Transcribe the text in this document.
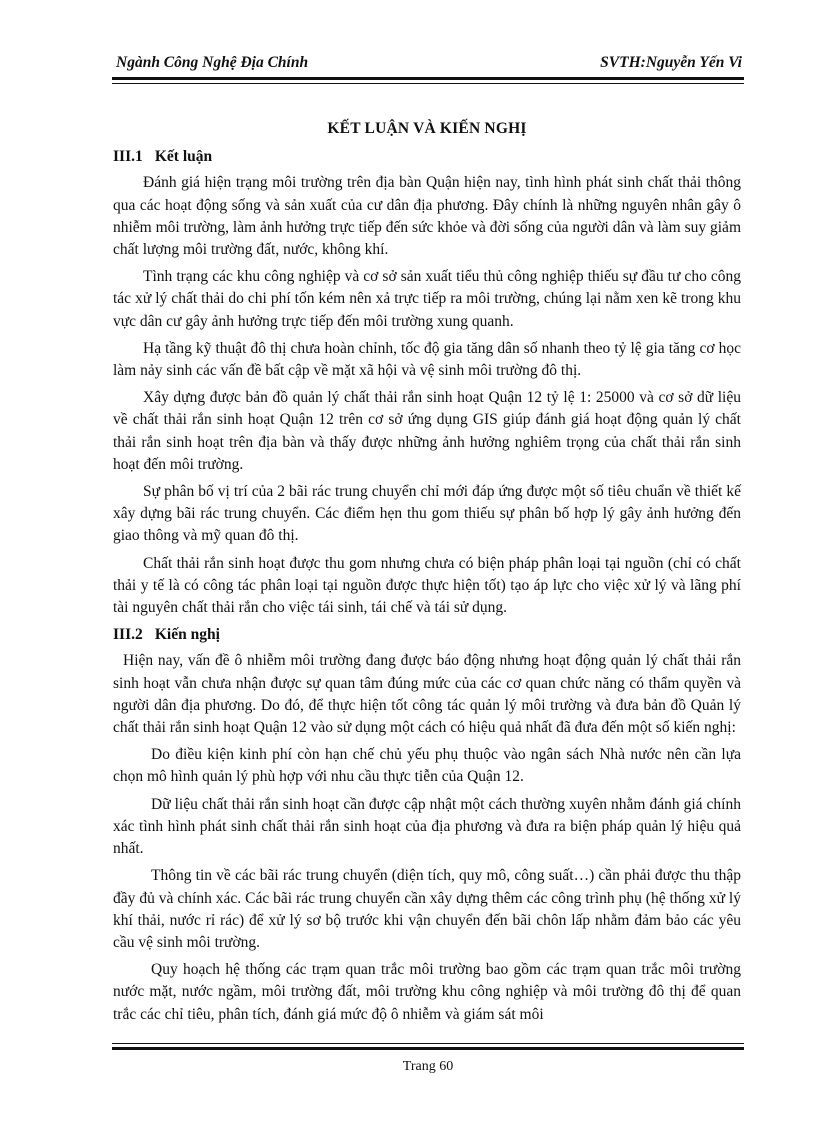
Ngành Công Nghệ Địa Chính	SVTH:Nguyễn Yến Vi
KẾT LUẬN VÀ KIẾN NGHỊ
III.1 Kết luận

Đánh giá hiện trạng môi trường trên địa bàn Quận hiện nay, tình hình phát sinh chất thải thông qua các hoạt động sống và sản xuất của cư dân địa phương. Đây chính là những nguyên nhân gây ô nhiễm môi trường, làm ảnh hưởng trực tiếp đến sức khỏe và đời sống của người dân và làm suy giảm chất lượng môi trường đất, nước, không khí.

Tình trạng các khu công nghiệp và cơ sở sản xuất tiểu thủ công nghiệp thiếu sự đầu tư cho công tác xử lý chất thải do chi phí tốn kém nên xả trực tiếp ra môi trường, chúng lại nằm xen kẽ trong khu vực dân cư gây ảnh hưởng trực tiếp đến môi trường xung quanh.

Hạ tầng kỹ thuật đô thị chưa hoàn chỉnh, tốc độ gia tăng dân số nhanh theo tỷ lệ gia tăng cơ học làm nảy sinh các vấn đề bất cập về mặt xã hội và vệ sinh môi trường đô thị.

Xây dựng được bản đồ quản lý chất thải rắn sinh hoạt Quận 12 tỷ lệ 1: 25000 và cơ sở dữ liệu về chất thải rắn sinh hoạt Quận 12 trên cơ sở ứng dụng GIS giúp đánh giá hoạt động quản lý chất thải rắn sinh hoạt trên địa bàn và thấy được những ảnh hưởng nghiêm trọng của chất thải rắn sinh hoạt đến môi trường.

Sự phân bố vị trí của 2 bãi rác trung chuyển chỉ mới đáp ứng được một số tiêu chuẩn về thiết kế xây dựng bãi rác trung chuyển. Các điểm hẹn thu gom thiếu sự phân bố hợp lý gây ảnh hưởng đến giao thông và mỹ quan đô thị.

Chất thải rắn sinh hoạt được thu gom nhưng chưa có biện pháp phân loại tại nguồn (chỉ có chất thải y tế là có công tác phân loại tại nguồn được thực hiện tốt) tạo áp lực cho việc xử lý và lãng phí tài nguyên chất thải rắn cho việc tái sinh, tái chế và tái sử dụng.

III.2 Kiến nghị

Hiện nay, vấn đề ô nhiễm môi trường đang được báo động nhưng hoạt động quản lý chất thải rắn sinh hoạt vẫn chưa nhận được sự quan tâm đúng mức của các cơ quan chức năng có thẩm quyền và người dân địa phương. Do đó, để thực hiện tốt công tác quản lý môi trường và đưa bản đồ Quản lý chất thải rắn sinh hoạt Quận 12 vào sử dụng một cách có hiệu quả nhất đã đưa đến một số kiến nghị:

Do điều kiện kinh phí còn hạn chế chủ yếu phụ thuộc vào ngân sách Nhà nước nên cần lựa chọn mô hình quản lý phù hợp với nhu cầu thực tiễn của Quận 12.

Dữ liệu chất thải rắn sinh hoạt cần được cập nhật một cách thường xuyên nhằm đánh giá chính xác tình hình phát sinh chất thải rắn sinh hoạt của địa phương và đưa ra biện pháp quản lý hiệu quả nhất.

Thông tin về các bãi rác trung chuyển (diện tích, quy mô, công suất…) cần phải được thu thập đầy đủ và chính xác. Các bãi rác trung chuyển cần xây dựng thêm các công trình phụ (hệ thống xử lý khí thải, nước rỉ rác) để xử lý sơ bộ trước khi vận chuyển đến bãi chôn lấp nhằm đảm bảo các yêu cầu vệ sinh môi trường.

Quy hoạch hệ thống các trạm quan trắc môi trường bao gồm các trạm quan trắc môi trường nước mặt, nước ngầm, môi trường đất, môi trường khu công nghiệp và môi trường đô thị để quan trắc các chỉ tiêu, phân tích, đánh giá mức độ ô nhiễm và giám sát môi

Trang 60
